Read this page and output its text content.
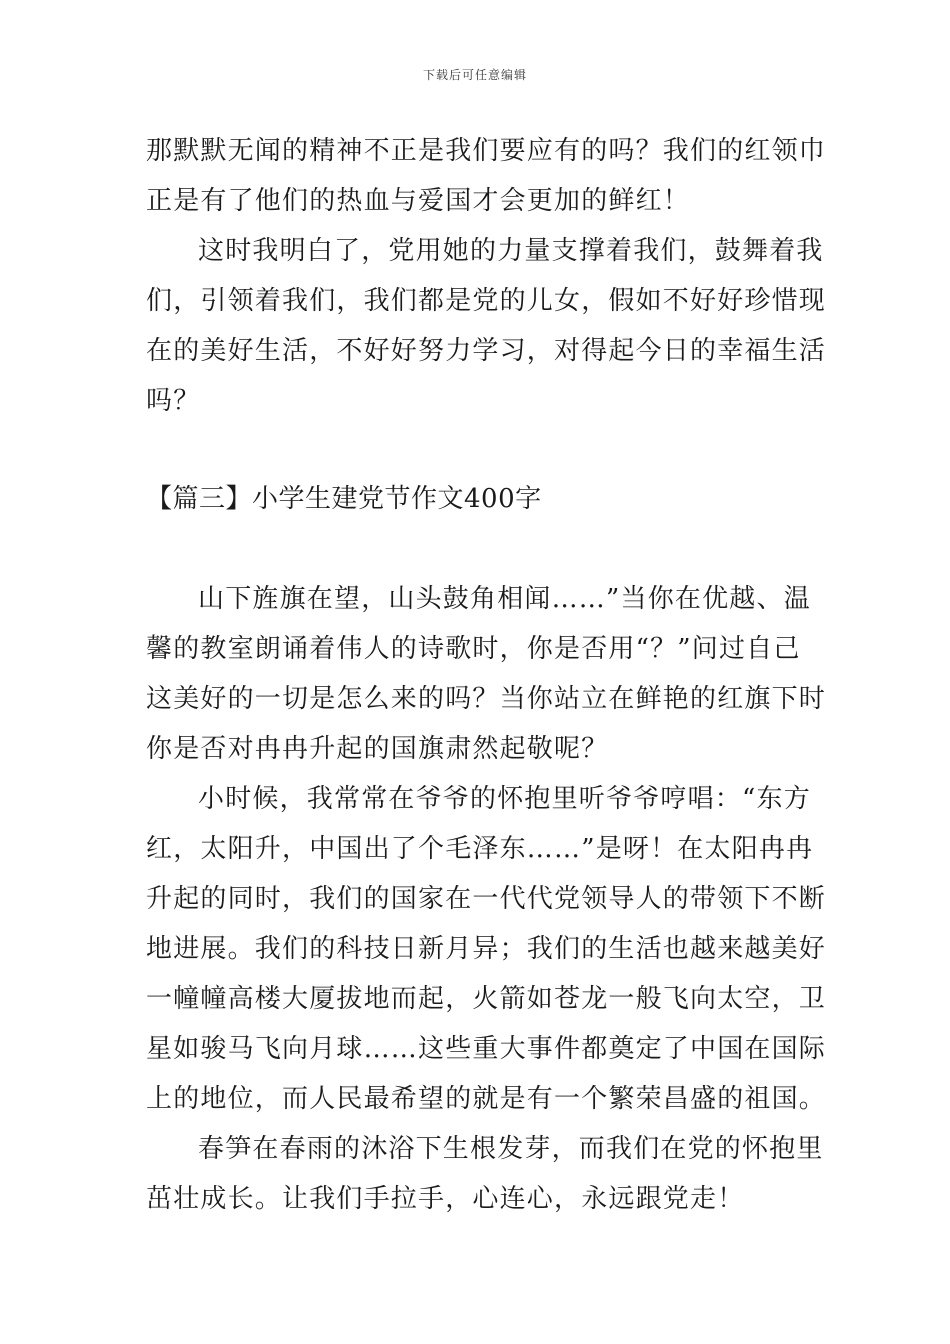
下载后可任意编辑
那默默无闻的精神不正是我们要应有的吗？我们的红领巾
正是有了他们的热血与爱国才会更加的鲜红！
这时我明白了，党用她的力量支撑着我们，鼓舞着我
们，引领着我们，我们都是党的儿女，假如不好好珍惜现
在的美好生活，不好好努力学习，对得起今日的幸福生活
吗？
【篇三】小学生建党节作文400字
山下旌旗在望，山头鼓角相闻……”当你在优越、温
馨的教室朗诵着伟人的诗歌时，你是否用“？”问过自己
这美好的一切是怎么来的吗？当你站立在鲜艳的红旗下时
你是否对冉冉升起的国旗肃然起敬呢？
小时候，我常常在爷爷的怀抱里听爷爷哼唱：“东方
红，太阳升，中国出了个毛泽东……”是呀！在太阳冉冉
升起的同时，我们的国家在一代代党领导人的带领下不断
地进展。我们的科技日新月异；我们的生活也越来越美好
一幢幢高楼大厦拔地而起，火箭如苍龙一般飞向太空，卫
星如骏马飞向月球……这些重大事件都奠定了中国在国际
上的地位，而人民最希望的就是有一个繁荣昌盛的祖国。
春笋在春雨的沐浴下生根发芽，而我们在党的怀抱里
茁壮成长。让我们手拉手，心连心，永远跟党走！
